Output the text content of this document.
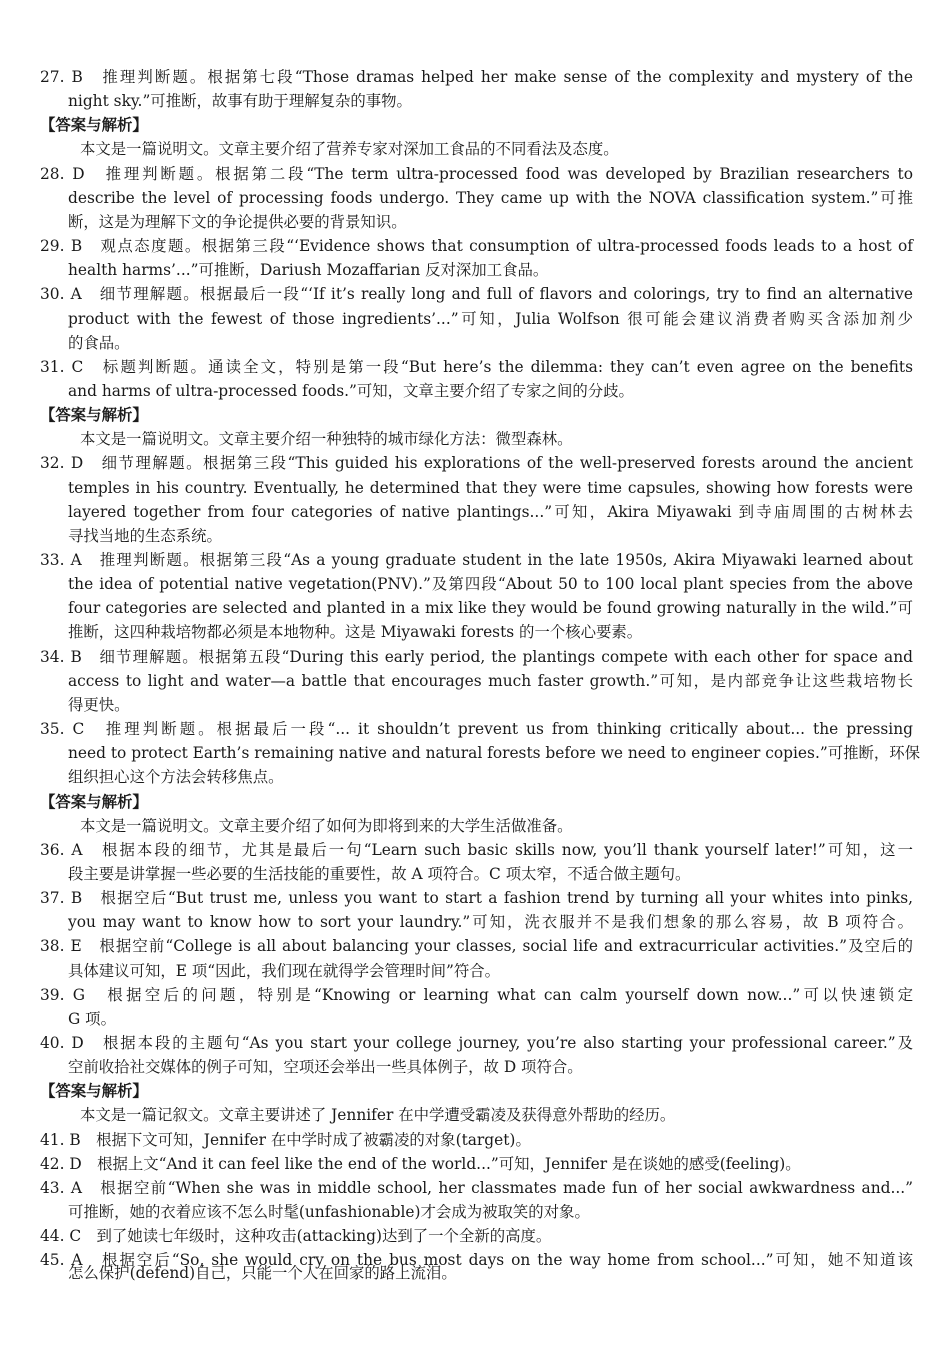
27. B　推理判断题。根据第七段“Those dramas helped her make sense of the complexity and mystery of the
night sky.”可推断，故事有助于理解复杂的事物。
【答案与解析】
本文是一篇说明文。文章主要介绍了营养专家对深加工食品的不同看法及态度。
28. D　推理判断题。根据第二段“The term ultra-processed food was developed by Brazilian researchers to
describe the level of processing foods undergo. They came up with the NOVA classification system.”可推
断，这是为理解下文的争论提供必要的背景知识。
29. B　观点态度题。根据第三段“‘Evidence shows that consumption of ultra-processed foods leads to a host of
health harms’...”可推断，Dariush Mozaffarian 反对深加工食品。
30. A　细节理解题。根据最后一段“‘If it’s really long and full of flavors and colorings, try to find an alternative
product with the fewest of those ingredients’...”可知，Julia Wolfson 很可能会建议消费者购买含添加剂少
的食品。
31. C　标题判断题。通读全文，特别是第一段“But here’s the dilemma: they can’t even agree on the benefits
and harms of ultra-processed foods.”可知，文章主要介绍了专家之间的分歧。
【答案与解析】
本文是一篇说明文。文章主要介绍一种独特的城市绿化方法：微型森林。
32. D　细节理解题。根据第三段“This guided his explorations of the well-preserved forests around the ancient
temples in his country. Eventually, he determined that they were time capsules, showing how forests were
layered together from four categories of native plantings...”可知，Akira Miyawaki 到寺庙周围的古树林去
寻找当地的生态系统。
33. A　推理判断题。根据第三段“As a young graduate student in the late 1950s, Akira Miyawaki learned about
the idea of potential native vegetation(PNV).”及第四段“About 50 to 100 local plant species from the above
four categories are selected and planted in a mix like they would be found growing naturally in the wild.”可
推断，这四种栽培物都必须是本地物种。这是 Miyawaki forests 的一个核心要素。
34. B　细节理解题。根据第五段“During this early period, the plantings compete with each other for space and
access to light and water—a battle that encourages much faster growth.”可知，是内部竞争让这些栽培物长
得更快。
35. C　推理判断题。根据最后一段“... it shouldn’t prevent us from thinking critically about... the pressing
need to protect Earth’s remaining native and natural forests before we need to engineer copies.”可推断，环保
组织担心这个方法会转移焦点。
【答案与解析】
本文是一篇说明文。文章主要介绍了如何为即将到来的大学生活做准备。
36. A　根据本段的细节，尤其是最后一句“Learn such basic skills now, you’ll thank yourself later!”可知，这一
段主要是讲掌握一些必要的生活技能的重要性，故 A 项符合。C 项太窄，不适合做主题句。
37. B　根据空后“But trust me, unless you want to start a fashion trend by turning all your whites into pinks,
you may want to know how to sort your laundry.”可知，洗衣服并不是我们想象的那么容易，故 B 项符合。
38. E　根据空前“College is all about balancing your classes, social life and extracurricular activities.”及空后的
具体建议可知，E 项“因此，我们现在就得学会管理时间”符合。
39. G　根据空后的问题，特别是“Knowing or learning what can calm yourself down now...”可以快速锁定
G 项。
40. D　根据本段的主题句“As you start your college journey, you’re also starting your professional career.”及
空前收拾社交媒体的例子可知，空项还会举出一些具体例子，故 D 项符合。
【答案与解析】
本文是一篇记叙文。文章主要讲述了 Jennifer 在中学遭受霸凌及获得意外帮助的经历。
41. B　根据下文可知，Jennifer 在中学时成了被霸凌的对象(target)。
42. D　根据上文“And it can feel like the end of the world...”可知，Jennifer 是在谈她的感受(feeling)。
43. A　根据空前“When she was in middle school, her classmates made fun of her social awkwardness and...”
可推断，她的衣着应该不怎么时髦(unfashionable)才会成为被取笑的对象。
44. C　到了她读七年级时，这种攻击(attacking)达到了一个全新的高度。
45. A　根据空后“So, she would cry on the bus most days on the way home from school...”可知，她不知道该
怎么保护(defend)自己，只能一个人在回家的路上流泪。
